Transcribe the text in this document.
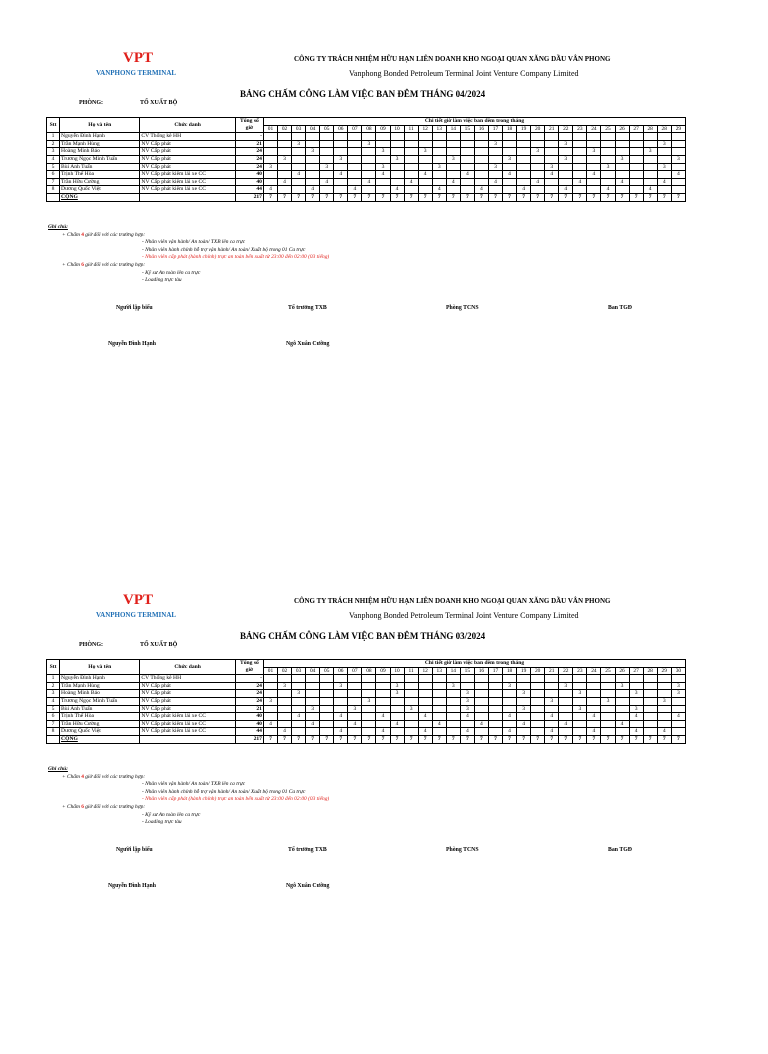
VPT
VANPHONG TERMINAL
CÔNG TY TRÁCH NHIỆM HỮU HẠN LIÊN DOANH KHO NGOẠI QUAN XĂNG DẦU VÂN PHONG
Vanphong Bonded Petroleum Terminal Joint Venture Company Limited
BẢNG CHẤM CÔNG LÀM VIỆC BAN ĐÊM THÁNG 04/2024
PHÒNG:	TỔ XUẤT BỘ
Stt	Họ và tên	Chức danh	Tổng số giờ	Chi tiết giờ làm việc ban đêm trong tháng																													
				01	02	03	04	05	06	07	08	09	10	11	12	13	14	15	16	17	18	19	20	21	22	23	24	25	26	27	28	28	29
1	Nguyễn Đình Hạnh	CV Thống kê HH	-																														
2	Trần Mạnh Hùng	NV Cấp phát	21			3					3									3					3							3	
3	Hoàng Minh Bảo	NV Cấp phát	24				3					3			3								3				3				3		
4	Trương Ngọc Minh Tuấn	NV Cấp phát	24		3				3				3				3				3				3				3				3
5	Bùi Anh Tuấn	NV Cấp phát	24	3				3				3				3				3				3				3				3	
6	Trịnh Thế Hòa	NV Cấp phát kiêm lái xe CC	40			4			4			4			4			4			4			4			4						4
7	Trần Hữu Cường	NV Cấp phát kiêm lái xe CC	40		4			4			4			4			4			4			4			4			4			4	
8	Dương Quốc Việt	NV Cấp phát kiêm lái xe CC	44	4			4			4			4			4			4			4			4			4			4		
	CỘNG		217	7	7	7	7	7	7	7	7	7	7	7	7	7	7	7	7	7	7	7	7	7	7	7	7	7	7	7	7	7	7
Ghi chú:
+ Chấm 4 giờ đối với các trường hợp:
- Nhân viên vận hành/ An toàn/ TXB lên ca trực
- Nhân viên hành chính hỗ trợ vận hành/ An toàn/ Xuất bộ trong 01 Ca trực
- Nhân viên cấp phát (hành chính) trực an toàn bến xuất từ 23:00 đến 02:00 (03 tiếng)
+ Chấm 6 giờ đối với các trường hợp:
- Kỹ sư An toàn lên ca trực
- Loading trực tàu
Người lập biểu	Tổ trưởng TXB	Phòng TCNS	Ban TGĐ
Nguyễn Đình Hạnh	Ngô Xuân Cường
VPT
VANPHONG TERMINAL
CÔNG TY TRÁCH NHIỆM HỮU HẠN LIÊN DOANH KHO NGOẠI QUAN XĂNG DẦU VÂN PHONG
Vanphong Bonded Petroleum Terminal Joint Venture Company Limited
BẢNG CHẤM CÔNG LÀM VIỆC BAN ĐÊM THÁNG 03/2024
PHÒNG:	TỔ XUẤT BỘ
Stt	Họ và tên	Chức danh	Tổng số giờ	Chi tiết giờ làm việc ban đêm trong tháng																													
				01	02	03	04	05	06	07	08	09	10	11	12	13	14	15	16	17	18	19	20	21	22	23	24	25	26	27	28	29	30
1	Nguyễn Đình Hạnh	CV Thống kê HH	-																														
2	Trần Mạnh Hùng	NV Cấp phát	24		3				3				3				3				3				3				3				3
3	Hoàng Minh Bảo	NV Cấp phát	24			3							3					3				3				3				3			3
4	Trương Ngọc Minh Tuấn	NV Cấp phát	24	3							3							3						3				3				3	
5	Bùi Anh Tuấn	NV Cấp phát	21				3			3				3				3				3				3				3			
6	Trịnh Thế Hòa	NV Cấp phát kiêm lái xe CC	40			4			4			4			4			4			4			4			4			4			4
7	Trần Hữu Cường	NV Cấp phát kiêm lái xe CC	40	4			4			4			4			4			4			4			4				4				
8	Dương Quốc Việt	NV Cấp phát kiêm lái xe CC	44		4				4			4			4			4			4			4			4			4		4	
	CỘNG		217	7	7	7	7	7	7	7	7	7	7	7	7	7	7	7	7	7	7	7	7	7	7	7	7	7	7	7	7	7	7
Ghi chú:
+ Chấm 4 giờ đối với các trường hợp:
- Nhân viên vận hành/ An toàn/ TXB lên ca trực
- Nhân viên hành chính hỗ trợ vận hành/ An toàn/ Xuất bộ trong 01 Ca trực
- Nhân viên cấp phát (hành chính) trực an toàn bến xuất từ 23:00 đến 02:00 (03 tiếng)
+ Chấm 6 giờ đối với các trường hợp:
- Kỹ sư An toàn lên ca trực
- Loading trực tàu
Người lập biểu	Tổ trưởng TXB	Phòng TCNS	Ban TGĐ
Nguyễn Đình Hạnh	Ngô Xuân Cường
